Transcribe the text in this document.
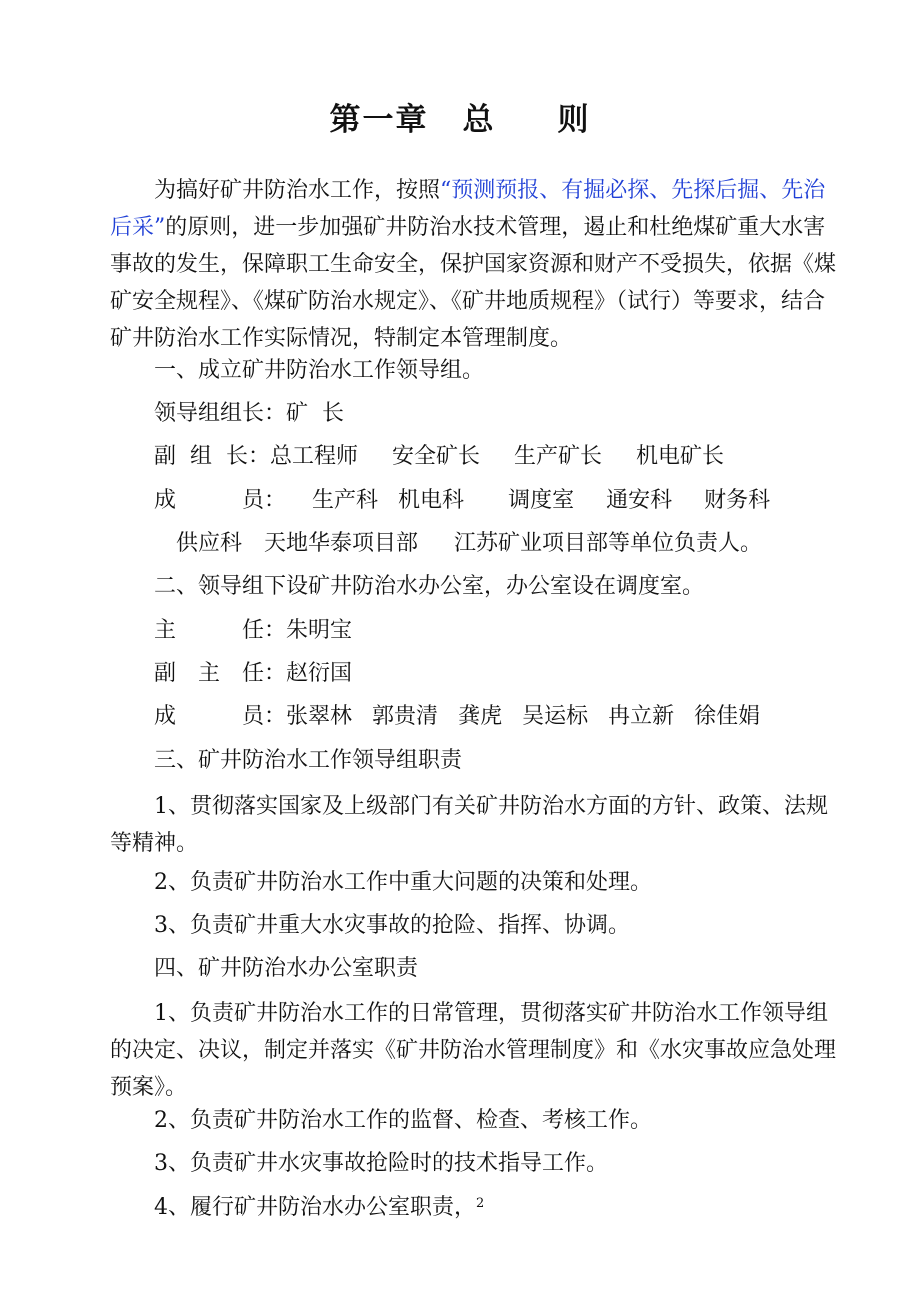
第一章 总 则
为搞好矿井防治水工作，按照“预测预报、有掘必探、先探后掘、先治
后采”的原则，进一步加强矿井防治水技术管理，遏止和杜绝煤矿重大水害
事故的发生，保障职工生命安全，保护国家资源和财产不受损失，依据《煤
矿安全规程》、《煤矿防治水规定》、《矿井地质规程》（试行）等要求，结合
矿井防治水工作实际情况，特制定本管理制度。
一、成立矿井防治水工作领导组。
领导组组长：矿  长
副  组  长：总工程师 安全矿长 生产矿长 机电矿长
成	员： 生产科 机电科 调度室 通安科 财务科
供应科 天地华泰项目部 江苏矿业项目部等单位负责人。
二、领导组下设矿井防治水办公室，办公室设在调度室。
主	任：朱明宝
副 主 任：赵衍国
成	员：张翠林 郭贵清 龚虎 吴运标 冉立新 徐佳娟
三、矿井防治水工作领导组职责
1、贯彻落实国家及上级部门有关矿井防治水方面的方针、政策、法规
等精神。
2、负责矿井防治水工作中重大问题的决策和处理。
3、负责矿井重大水灾事故的抢险、指挥、协调。
四、矿井防治水办公室职责
1、负责矿井防治水工作的日常管理，贯彻落实矿井防治水工作领导组
的决定、决议，制定并落实《矿井防治水管理制度》和《水灾事故应急处理
预案》。
2、负责矿井防治水工作的监督、检查、考核工作。
3、负责矿井水灾事故抢险时的技术指导工作。
4、履行矿井防治水办公室职责，2
